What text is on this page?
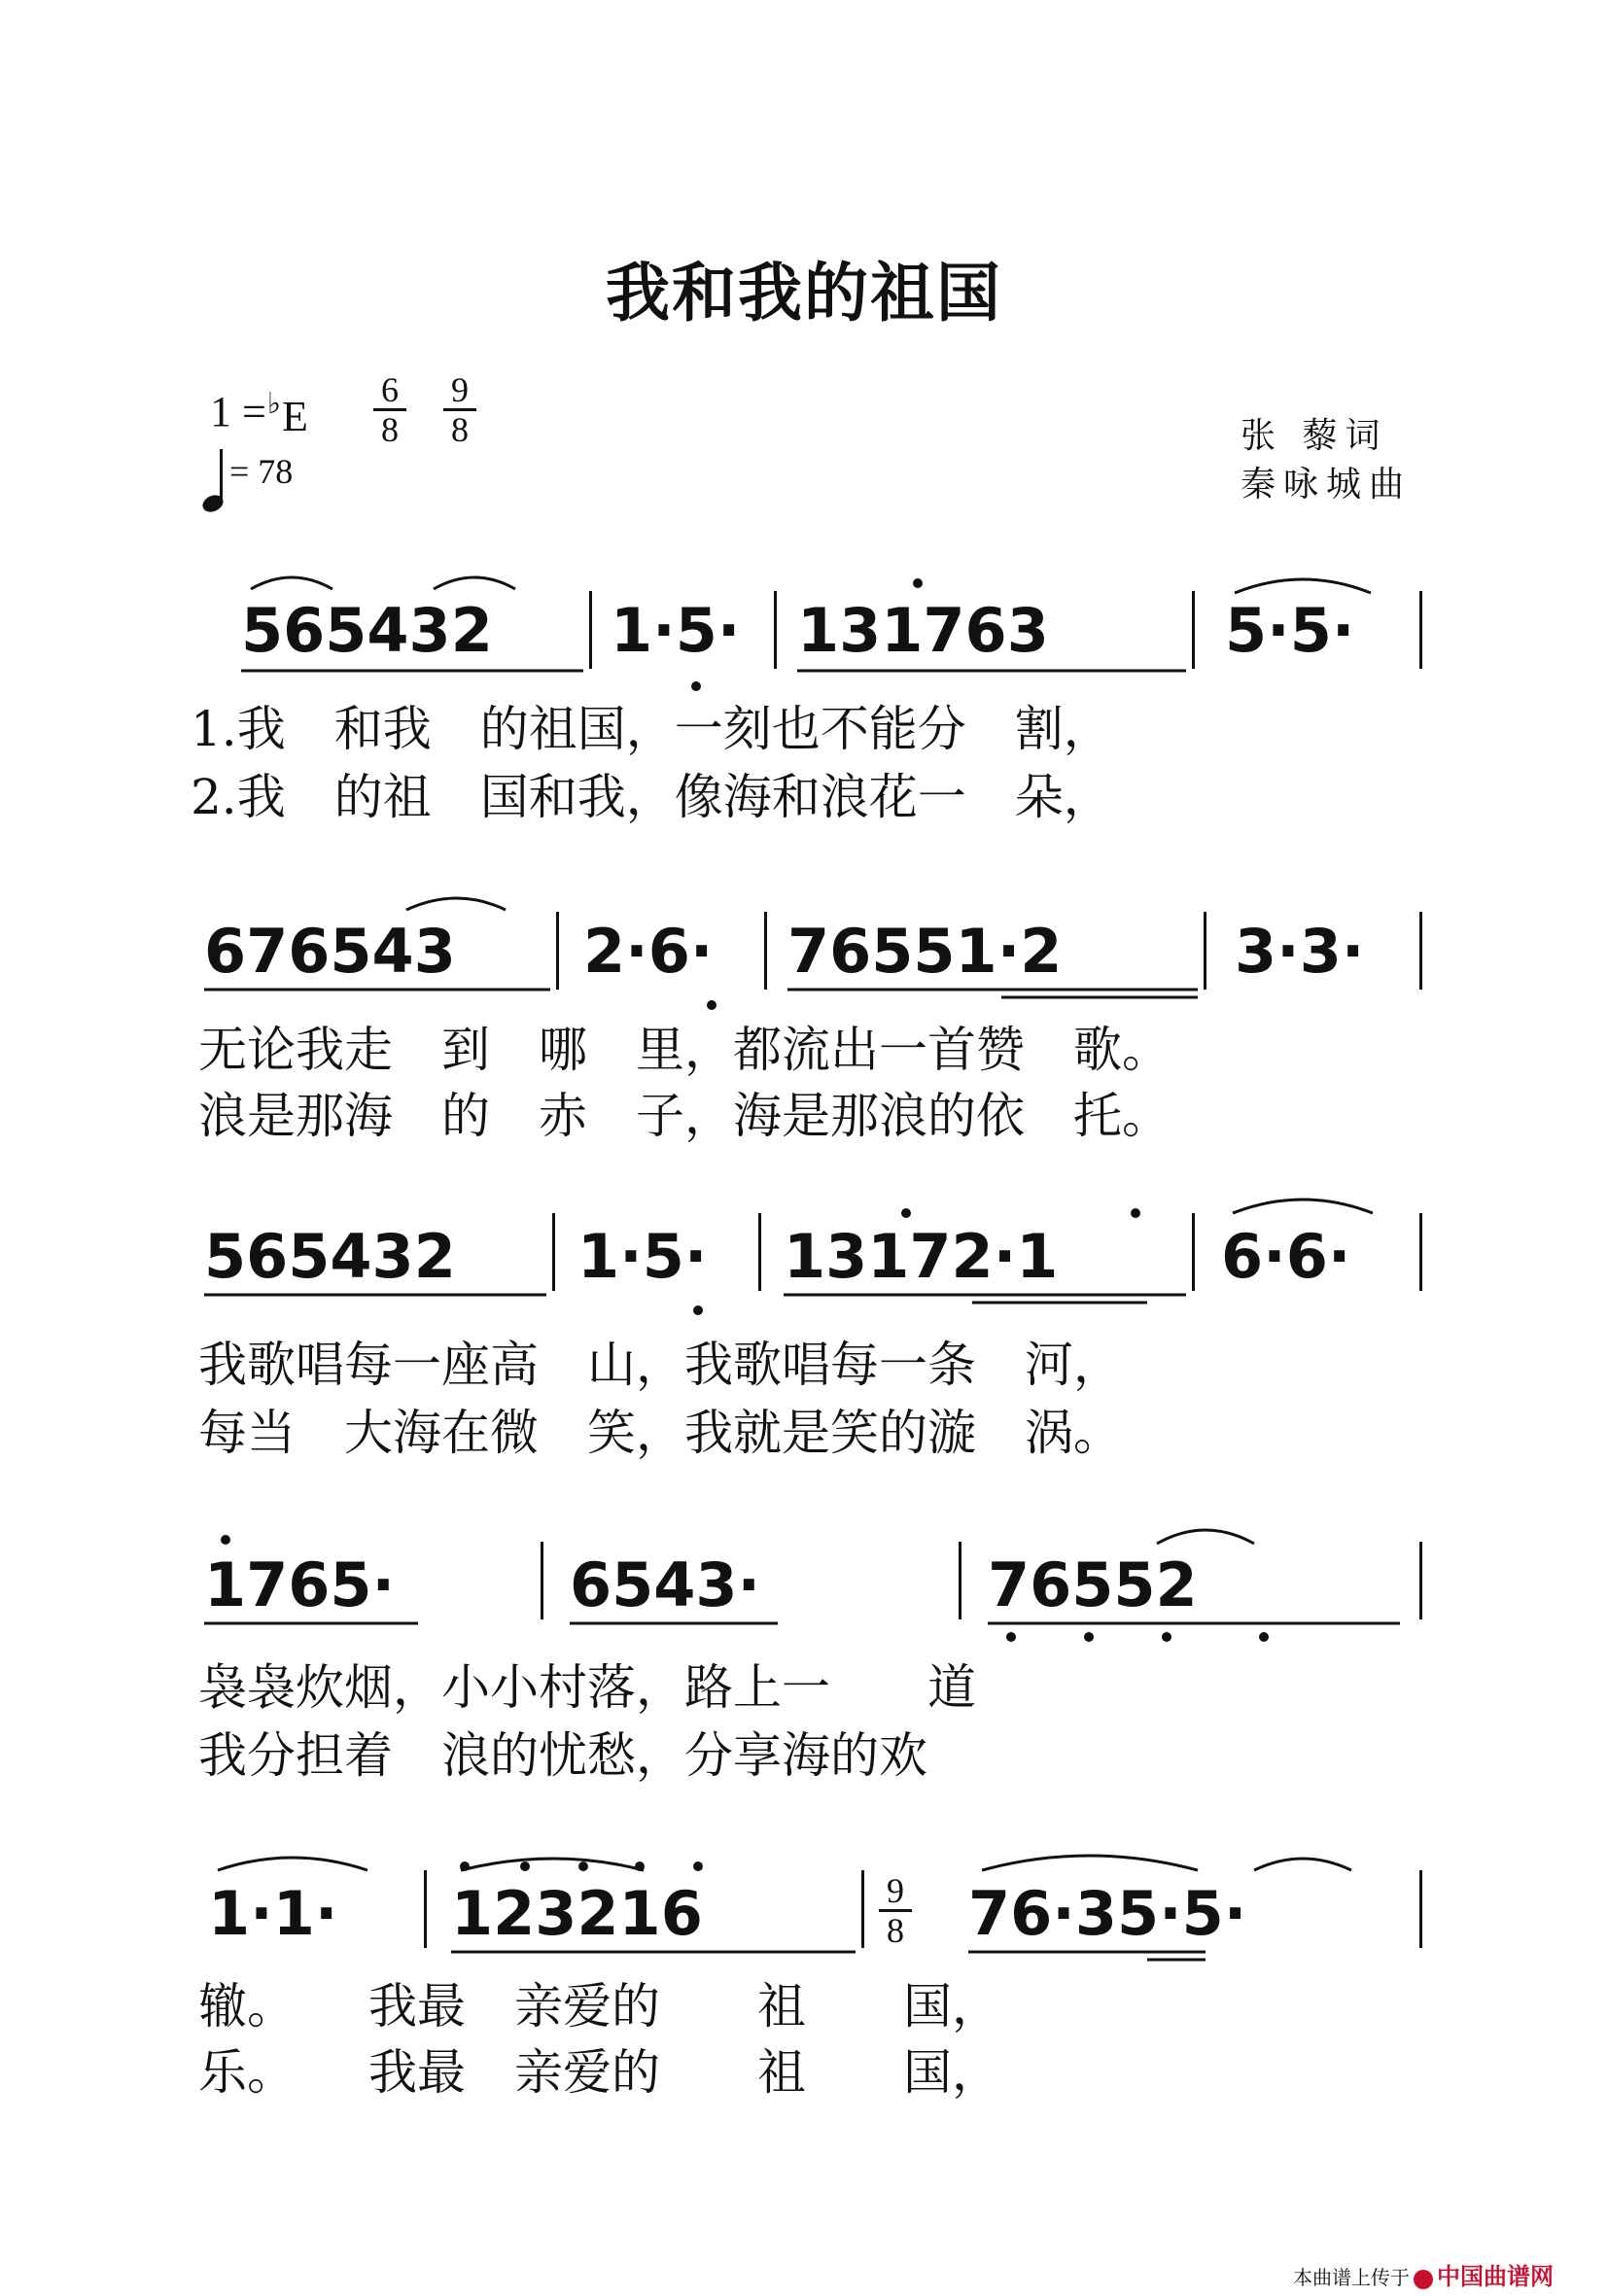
我和我的祖国
$1 =^♭E \frac{6}{8} \frac{9}{8}$
= 78
张 藜词
秦咏城曲
565432 1·5· 131763	5·5·
1.我　和我　的祖国，一刻也不能分　割，
2.我　的祖　国和我，像海和浪花一　朵，
676543 2·6· 76551·2	3·3·
无论我走　到　哪　里，都流出一首赞　歌。
浪是那海　的　赤　子，海是那浪的依　托。
565432 1·5· 13172·1	6·6·
我歌唱每一座高　山，我歌唱每一条　河，
每当　大海在微　笑，我就是笑的漩　涡。
1765·	6543·	76552
袅袅炊烟，小小村落，路上一　　道
我分担着　浪的忧愁，分享海的欢
1·1· 123216	$\frac{9}{8} 76\cdot 35\cdot 5\cdot$
辙。　　我最　亲爱的　　祖　　国，
乐。　　我最　亲爱的　　祖　　国，
本曲谱上传于 中国曲谱网
